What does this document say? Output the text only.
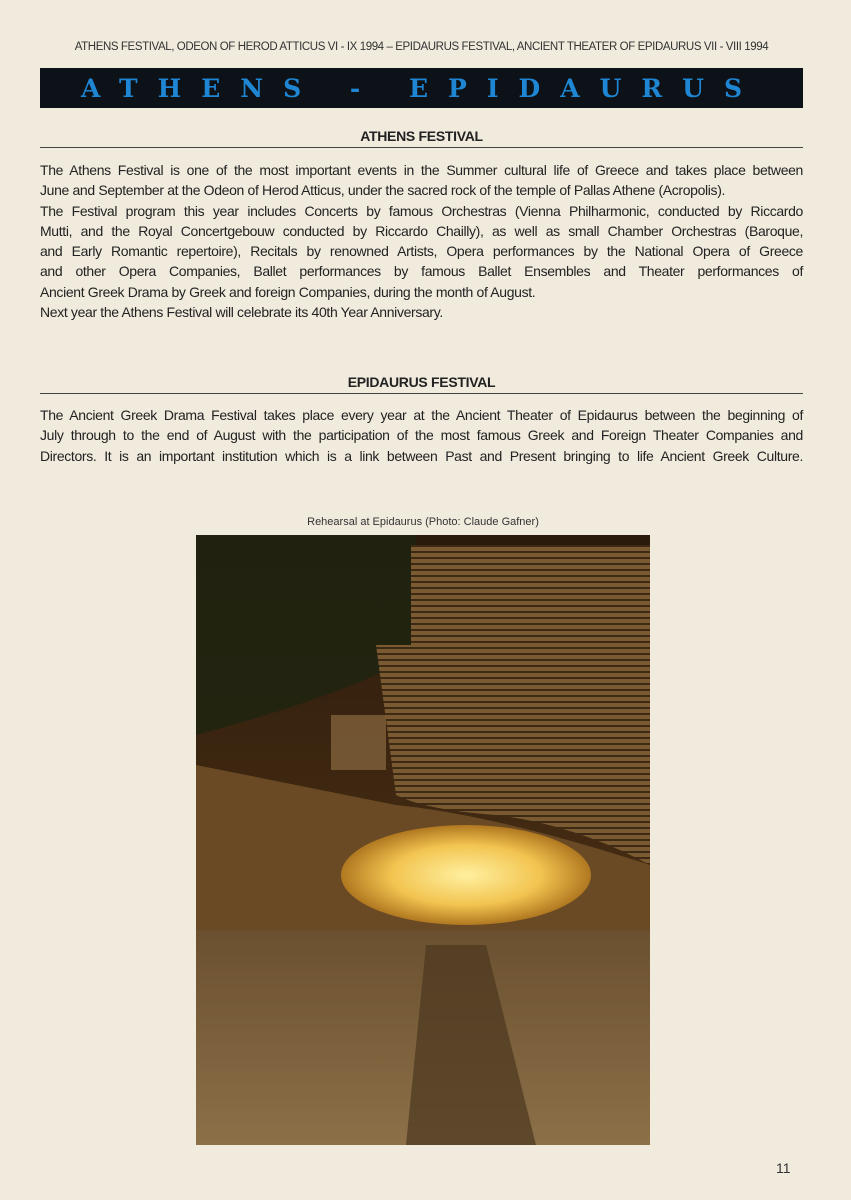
ATHENS FESTIVAL, ODEON OF HEROD ATTICUS VI - IX 1994 – EPIDAURUS FESTIVAL, ANCIENT THEATER OF EPIDAURUS VII - VIII 1994
ATHENS - EPIDAURUS
ATHENS FESTIVAL
The Athens Festival is one of the most important events in the Summer cultural life of Greece and takes place between
June and September at the Odeon of Herod Atticus, under the sacred rock of the temple of Pallas Athene (Acropolis).
The Festival program this year includes Concerts by famous Orchestras (Vienna Philharmonic, conducted by Riccardo
Mutti, and the Royal Concertgebouw conducted by Riccardo Chailly), as well as small Chamber Orchestras (Baroque,
and Early Romantic repertoire), Recitals by renowned Artists, Opera performances by the National Opera of Greece
and other Opera Companies, Ballet performances by famous Ballet Ensembles and Theater performances of
Ancient Greek Drama by Greek and foreign Companies, during the month of August.
Next year the Athens Festival will celebrate its 40th Year Anniversary.
EPIDAURUS FESTIVAL
The Ancient Greek Drama Festival takes place every year at the Ancient Theater of Epidaurus between the beginning of
July through to the end of August with the participation of the most famous Greek and Foreign Theater Companies and
Directors. It is an important institution which is a link between Past and Present bringing to life Ancient Greek Culture.
Rehearsal at Epidaurus (Photo: Claude Gafner)
11
